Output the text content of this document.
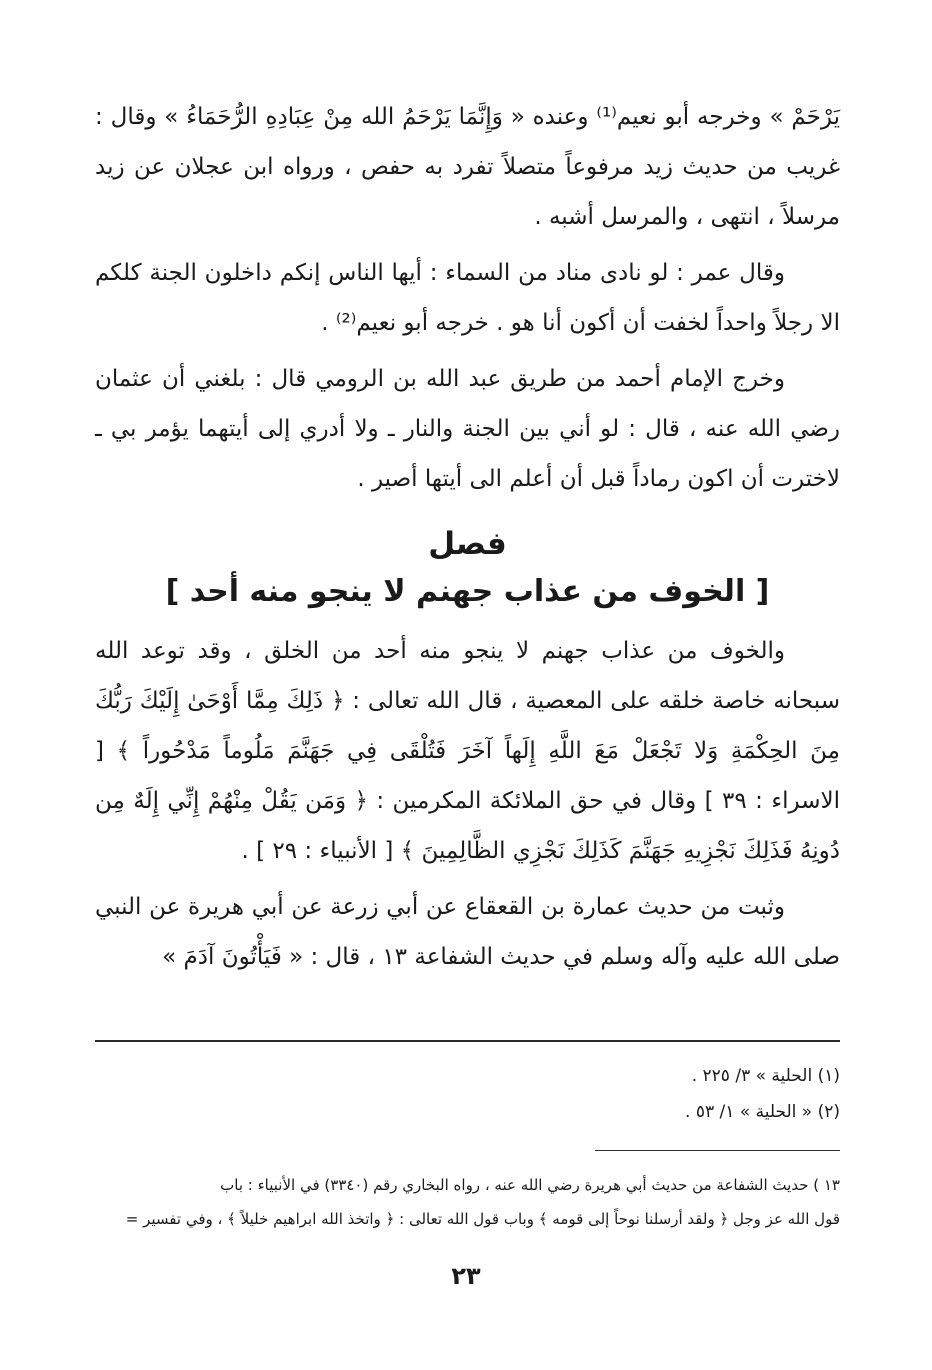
يَرْحَمْ » وخرجه أبو نعيم⁽¹⁾ وعنده « وَإِنَّمَا يَرْحَمُ الله مِنْ عِبَادِهِ الرُّحَمَاءُ » وقال : غريب من حديث زيد مرفوعاً متصلاً تفرد به حفص ، ورواه ابن عجلان عن زيد مرسلاً ، انتهى ، والمرسل أشبه .

وقال عمر : لو نادى مناد من السماء : أيها الناس إنكم داخلون الجنة كلكم الا رجلاً واحداً لخفت أن أكون أنا هو . خرجه أبو نعيم⁽²⁾ .

وخرج الإمام أحمد من طريق عبد الله بن الرومي قال : بلغني أن عثمان رضي الله عنه ، قال : لو أني بين الجنة والنار ـ ولا أدري إلى أيتهما يؤمر بي ـ لاخترت أن اكون رماداً قبل أن أعلم الى أيتها أصير .

فصل
[ الخوف من عذاب جهنم لا ينجو منه أحد ]

والخوف من عذاب جهنم لا ينجو منه أحد من الخلق ، وقد توعد الله سبحانه خاصة خلقه على المعصية ، قال الله تعالى : ﴿ ذَلِكَ مِمَّا أَوْحَىٰ إِلَيْكَ رَبُّكَ مِنَ الحِكْمَةِ وَلا تَجْعَلْ مَعَ اللَّهِ إِلَهاً آخَرَ فَتُلْقَى فِي جَهَنَّمَ مَلُوماً مَدْحُوراً ﴾ [ الاسراء : ٣٩ ] وقال في حق الملائكة المكرمين : ﴿ وَمَن يَقُلْ مِنْهُمْ إِنِّي إِلَهٌ مِن دُونِهُ فَذَلِكَ نَجْزِيهِ جَهَنَّمَ كَذَلِكَ نَجْزِي الظَّالِمِينَ ﴾ [ الأنبياء : ٢٩ ] .

وثبت من حديث عمارة بن القعقاع عن أبي زرعة عن أبي هريرة عن النبي صلى الله عليه وآله وسلم في حديث الشفاعة ١٣ ، قال : « فَيَأْتُونَ آدَمَ »

(١) الحلية » ٣/ ٢٢٥ .

(٢) « الحلية » ١/ ٥٣ .

١٣ ) حديث الشفاعة من حديث أبي هريرة رضي الله عنه ، رواه البخاري رقم (٣٣٤٠) في الأنبياء : باب

قول الله عز وجل ﴿ ولقد أرسلنا نوحاً إلى قومه ﴾ وباب قول الله تعالى : ﴿ واتخذ الله ابراهيم خليلاً ﴾ ، وفي تفسير =

٢٣
